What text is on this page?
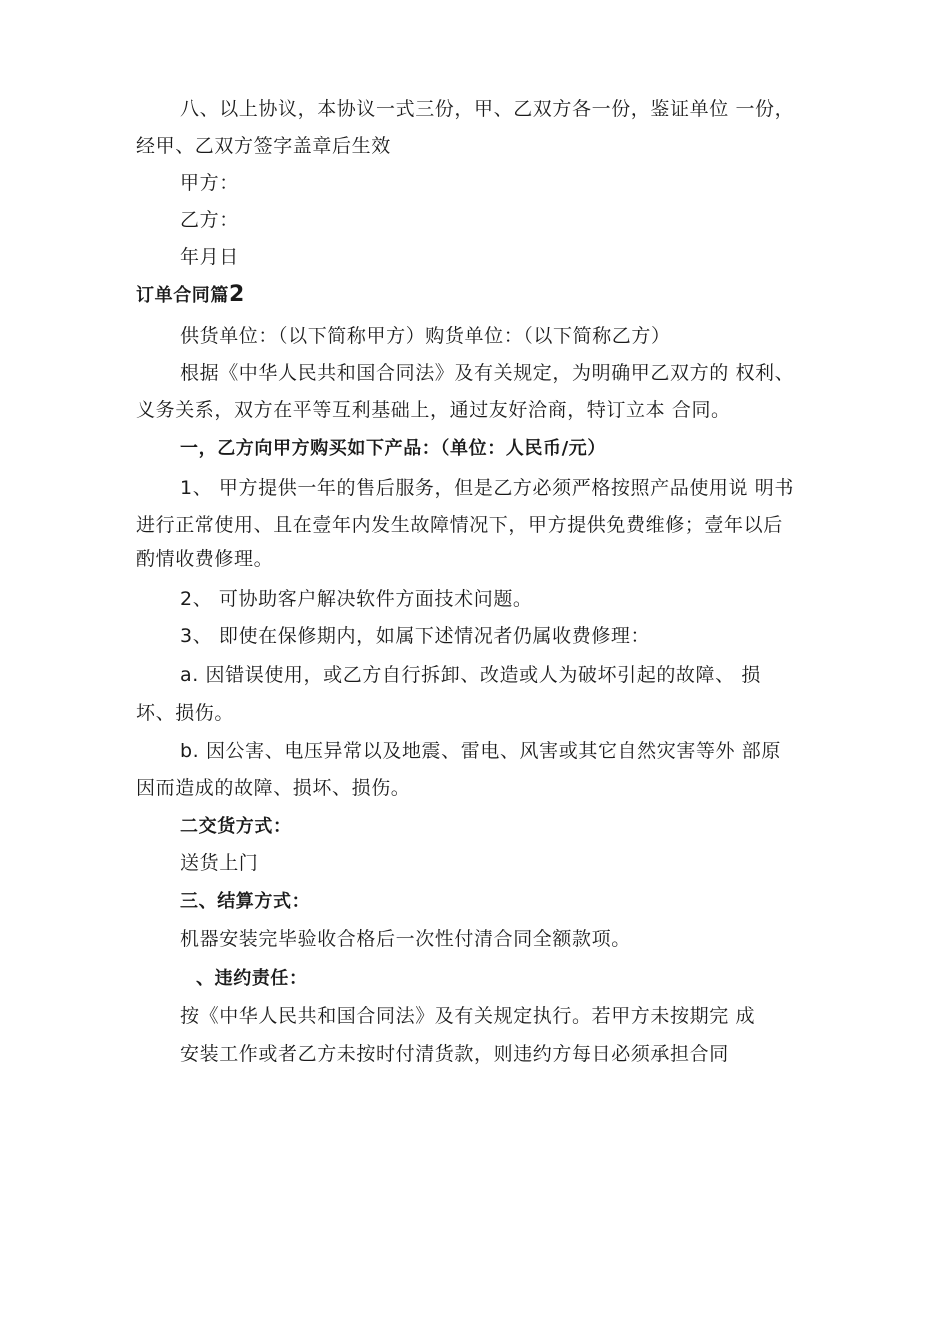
八、以上协议，本协议一式三份，甲、乙双方各一份，鉴证单位 一份，
经甲、乙双方签字盖章后生效
甲方：
乙方：
年月日
订单合同篇2
供货单位：（以下简称甲方）购货单位：（以下简称乙方）
根据《中华人民共和国合同法》及有关规定，为明确甲乙双方的 权利、
义务关系，双方在平等互利基础上，通过友好洽商，特订立本 合同。
一，乙方向甲方购买如下产品：（单位：人民币/元）
1、 甲方提供一年的售后服务，但是乙方必须严格按照产品使用说 明书
进行正常使用、且在壹年内发生故障情况下，甲方提供免费维修；壹年以后
酌情收费修理。
2、 可协助客户解决软件方面技术问题。
3、 即使在保修期内，如属下述情况者仍属收费修理：
a. 因错误使用，或乙方自行拆卸、改造或人为破坏引起的故障、 损
坏、损伤。
b. 因公害、电压异常以及地震、雷电、风害或其它自然灾害等外 部原
因而造成的故障、损坏、损伤。
二交货方式：
送货上门
三、结算方式：
机器安装完毕验收合格后一次性付清合同全额款项。
、违约责任：
按《中华人民共和国合同法》及有关规定执行。若甲方未按期完 成
安装工作或者乙方未按时付清货款，则违约方每日必须承担合同
